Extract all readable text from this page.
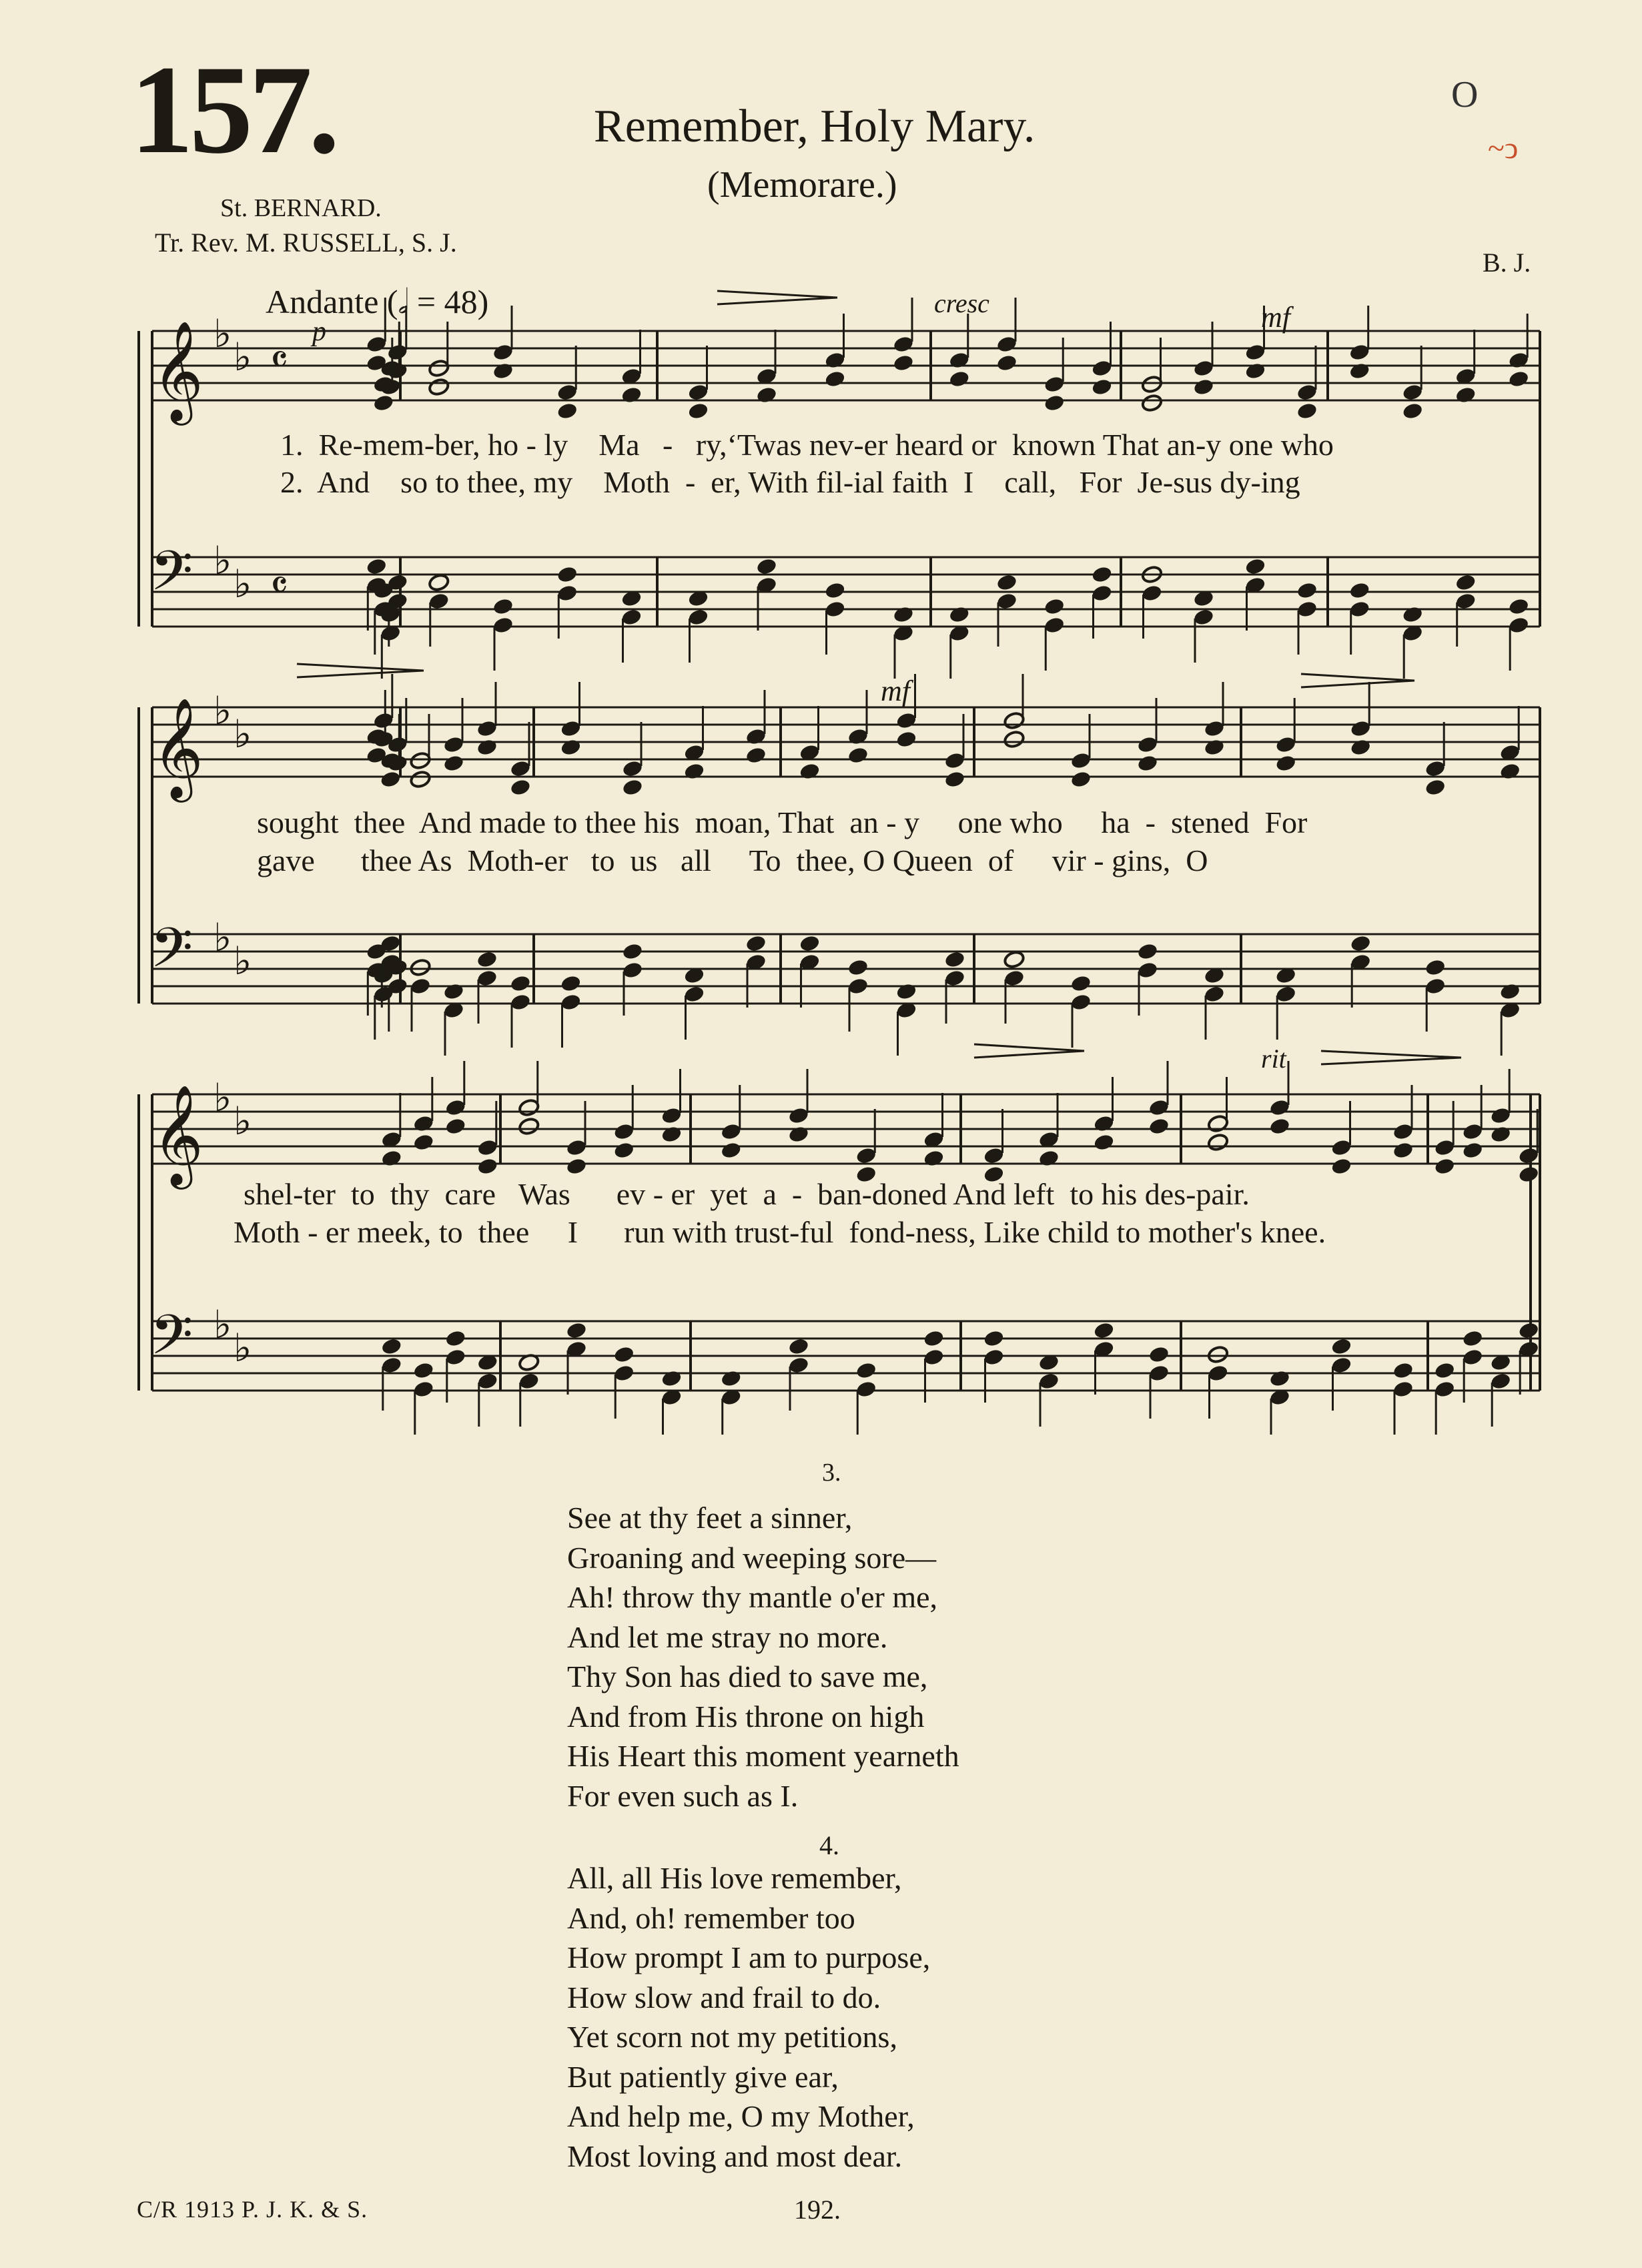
157.	Remember, Holy Mary.
(Memorare.)
St. BERNARD.
Tr. Rev. M. RUSSELL, S. J.
B. J.
Andante (𝅗𝅥 = 48)
O
~ↄ
𝄞
𝄢
𝄞
𝄢
𝄞
𝄢
♭
♭
♭
♭
♭
♭
♭
♭
♭
♭
♭
♭
𝄴
𝄴
p
cresc	mf
mf
rit
1.  Re-mem-ber, ho - ly    Ma   -   ry,‘Twas nev-er heard or  known That an-y one who
2.  And    so to thee, my    Moth  -  er, With fil-ial faith  I    call,   For  Je-sus dy-ing
sought  thee  And made to thee his  moan, That  an - y     one who     ha  -  stened  For
gave      thee As  Moth-er   to  us   all     To  thee, O Queen  of     vir - gins,  O
shel-ter  to  thy  care   Was      ev - er  yet  a  -  ban-doned And left  to his des-pair.
Moth - er meek, to  thee     I      run with trust-ful  fond-ness, Like child to mother's knee.
3.
See at thy feet a sinner,
Groaning and weeping sore—
Ah! throw thy mantle o'er me,
And let me stray no more.
Thy Son has died to save me,
And from His throne on high
His Heart this moment yearneth
For even such as I.
4.
All, all His love remember,
And, oh! remember too
How prompt I am to purpose,
How slow and frail to do.
Yet scorn not my petitions,
But patiently give ear,
And help me, O my Mother,
Most loving and most dear.
C/R 1913 P. J. K. & S.	192.
